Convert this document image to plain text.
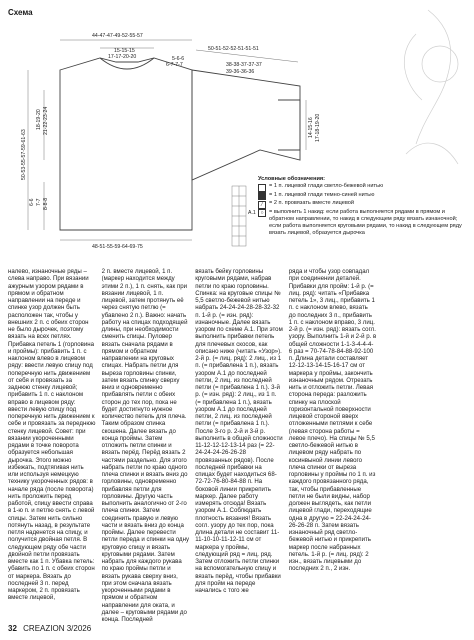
Схема
44-47-47-49-52-55-57
15-15-15
17-17-20-20	5-6-6
6-7-7-7
50-51-52-52-51-51-51
38-38-37-37-37
39-36-36-36
18-19-20 21-22-23-24
50-53-55-57-59-61-63
6-6 7-7 8-8-8
48-51-55-59-64-69-75
14-15-16 17-18-19-20
A.1
Условные обозначения:
= 1 п. лицевой глади светло-бежевой нитью
= 1 п. лицевой глади темно-синей нитью
⁄	= 2 п. провязать вместе лицевой
○ = выполнить 1 накид: если работа выполняется рядами в прямом и обратном направлении, то накид в следующем ряду вязать изнаночной; если работа выполняется круговыми рядами, то накид в следующем ряду вязать лицевой, образуется дырочка

налево, изнаночные ряды – слева направо. При вязании ажурным узором рядами в прямом и обратном направлении на переде и спинке узор должен быть расположен так, чтобы у внешних 2 п. с обеих сторон не было дырочек, поэтому вязать на всех петлях. Прибавка петель 1 (горловина и проймы): прибавить 1 п. с наклоном влево в лицевом ряду: ввести левую спицу под поперечную нить движением от себя и провязать за заднюю стенку лицевой; прибавить 1 п. с наклоном вправо в лицевом ряду: ввести левую спицу под поперечную нить движением к себе и провязать за переднюю стенку лицевой. Совет: при вязании укороченными рядами в точке поворота образуется небольшая дырочка. Этого можно избежать, подтягивая нить или используя немецкую технику укороченных рядов: в начале ряда (после поворота) нить проложить перед работой, спицу ввести справа в 1-ю п. и петлю снять с левой спицы. Затем нить сильно потянуть назад, в результате петля наденется на спицу, и получится двойная петля. В следующем ряду обе части двойной петли провязать вместе как 1 п. Убавка петель: убавить по 1 п. с обеих сторон от маркера. Вязать до последней 3 п. перед маркером, 2 п. провязать вместе лицевой,

2 п. вместе лицевой, 1 п. (маркер находится между этими 2 п.), 1 п. снять, как при вязании лицевой, 1 п. лицевой, затем протянуть её через снятую петлю (= убавлено 2 п.). Важно: начать работу на спицах подходящей длины, при необходимости сменить спицы. Пуловер вязать сначала рядами в прямом и обратном направлении на круговых спицах. Набрать петли для выреза горловины спинки, затем вязать спинку сверху вниз и одновременно прибавлять петли с обеих сторон до тех пор, пока не будет достигнуто нужное количество петель для плеча. Таким образом спинка скошена. Далее вязать до конца проймы. Затем отложить петли спинки и вязать перёд. Перёд вязать 2 частями раздельно. Для этого набрать петли по краю одного плеча спинки и вязать вниз до горловины, одновременно прибавляя петли для горловины. Другую часть выполнить аналогично от 2-го плеча спинки. Затем соединить правую и левую части и вязать вниз до конца проймы. Далее перевести петли переда и спинки на одну круговую спицу и вязать круговыми рядами. Затем набрать для каждого рукава по краю проймы петли и вязать рукава сверху вниз, при этом сначала вязать укороченными рядами в прямом и обратном направлении для оката, и далее – круговыми рядами до конца. Последней

вязать бейку горловины круговыми рядами, набрав петли по краю горловины. Спинка: на круговые спицы № 5,5 светло-бежевой нитью набрать 24-24-24-28-28-32-32 п. 1-й р. (= изн. ряд): изнаночные. Далее вязать узором по схеме А.1. При этом выполнить прибавки петель для плечевых скосов, как описано ниже (читать «Узор»). 2-й р. (= лиц. ряд): 2 лиц., из 1 п. (= прибавлена 1 п.), вязать узором А.1 до последней петли, 2 лиц. из последней петли (= прибавлена 1 п.). 3-й р. (= изн. ряд): 2 лиц., из 1 п. (= прибавлена 1 п.), вязать узором А.1 до последней петли, 2 лиц. из последней петли (= прибавлена 1 п.). После 3-го р. 2-й и 3-й р. выполнить в общей сложности 11-12-12-12-13-14 раз (= 22-24-24-24-26-26-28 провязанных рядов). После последней прибавки на спицах будет находиться 68-72-72-76-80-84-88 п. На боковой линии прикрепить маркер. Далее работу измерять отсюда! Вязать узором А.1. Соблюдать плотность вязания! Вязать согл. узору до тех пор, пока длина детали не составит 11-11-10-10-11-12-11 см от маркера у проймы, следующий ряд = лиц. ряд. Затем отложить петли спинки на вспомогательную спицу и вязать перёд, чтобы прибавки для пройм на переде начались с того же

ряда и чтобы узор совпадал при соединении деталей. Прибавки для пройм: 1-й р. (= лиц. ряд): читать «Прибавка петель 1», 3 лиц., прибавить 1 п. с наклоном влево, вязать до последних 3 п., прибавить 1 п. с наклоном вправо, 3 лиц. 2-й р. (= изн. ряд): вязать согл. узору. Выполнить 1-й и 2-й р. в общей сложности 1-1-3-4-4-4-6 раз = 70-74-78-84-88-92-100 п. Длина детали составляет 12-12-13-14-15-16-17 см от маркера у проймы, закончить изнаночным рядом. Отрезать нить и отложить петли. Левая сторона переда: разложить спинку на плоской горизонтальной поверхности лицевой стороной вверх отложенными петлями к себе (левая сторона работы = левое плечо). На спицы № 5,5 светло-бежевой нитью в лицевом ряду набрать по косинвыной линии левого плеча спинки от выреза горловины у проймы по 1 п. из каждого провязанного ряда, так, чтобы прибавленные петли не были видны, набор должен выглядеть, как петли лицевой глади, переходящие одна в другую = 22-24-24-24-26-26-28 п. Затем вязать изнаночный ряд светло-бежевой нитью и прикрепить маркер после набранных петель. 1-й р. (= лиц. ряд): 2 изн., вязать лицевыми до последних 2 п., 2 изн.

32 CREAZION 3/2026
